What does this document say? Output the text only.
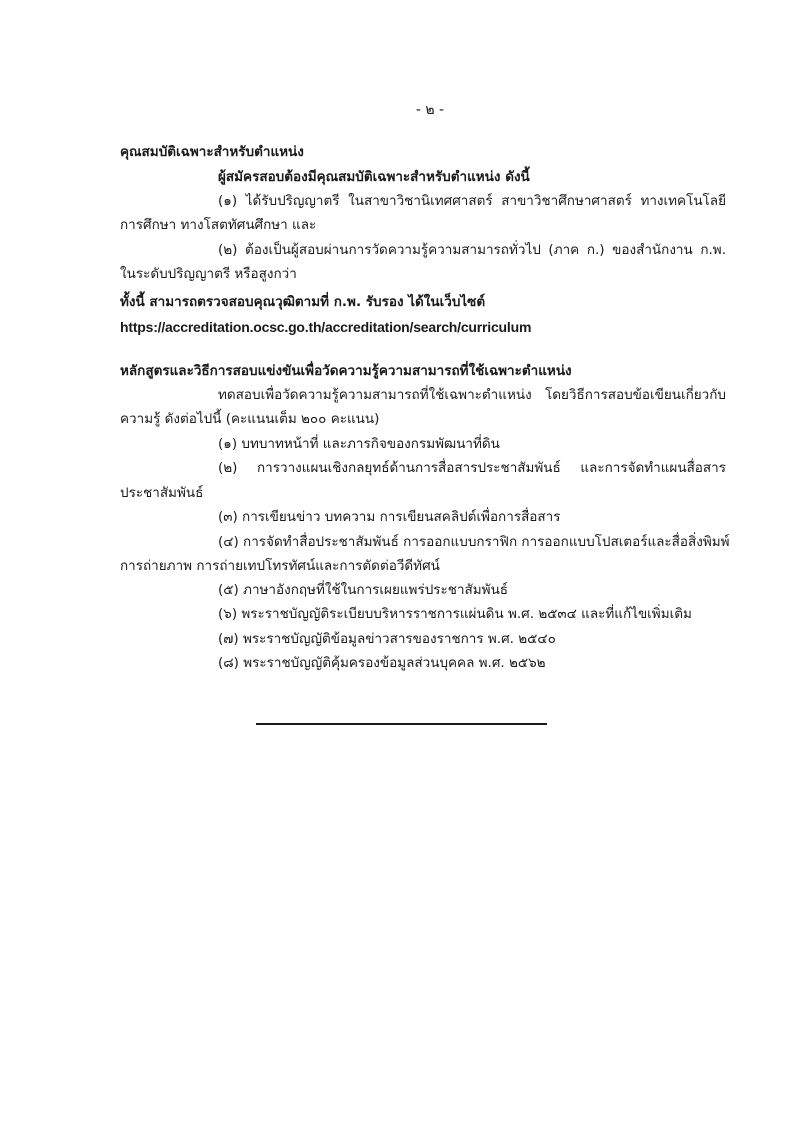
- ๒ -
คุณสมบัติเฉพาะสำหรับตำแหน่ง
ผู้สมัครสอบต้องมีคุณสมบัติเฉพาะสำหรับตำแหน่ง ดังนี้
(๑) ได้รับปริญญาตรี ในสาขาวิชานิเทศศาสตร์ สาขาวิชาศึกษาศาสตร์ ทางเทคโนโลยี
การศึกษา ทางโสตทัศนศึกษา และ
(๒) ต้องเป็นผู้สอบผ่านการวัดความรู้ความสามารถทั่วไป (ภาค ก.) ของสำนักงาน ก.พ.
ในระดับปริญญาตรี หรือสูงกว่า
ทั้งนี้ สามารถตรวจสอบคุณวุฒิตามที่ ก.พ. รับรอง ได้ในเว็บไซต์
https://accreditation.ocsc.go.th/accreditation/search/curriculum
หลักสูตรและวิธีการสอบแข่งขันเพื่อวัดความรู้ความสามารถที่ใช้เฉพาะตำแหน่ง
ทดสอบเพื่อวัดความรู้ความสามารถที่ใช้เฉพาะตำแหน่ง โดยวิธีการสอบข้อเขียนเกี่ยวกับ
ความรู้ ดังต่อไปนี้ (คะแนนเต็ม ๒๐๐ คะแนน)
(๑) บทบาทหน้าที่ และภารกิจของกรมพัฒนาที่ดิน
(๒) การวางแผนเชิงกลยุทธ์ด้านการสื่อสารประชาสัมพันธ์ และการจัดทำแผนสื่อสาร
ประชาสัมพันธ์
(๓) การเขียนข่าว บทความ การเขียนสคลิปต์เพื่อการสื่อสาร
(๔) การจัดทำสื่อประชาสัมพันธ์ การออกแบบกราฟิก การออกแบบโปสเตอร์และสื่อสิ่งพิมพ์
การถ่ายภาพ การถ่ายเทปโทรทัศน์และการตัดต่อวีดีทัศน์
(๕) ภาษาอังกฤษที่ใช้ในการเผยแพร่ประชาสัมพันธ์
(๖) พระราชบัญญัติระเบียบบริหารราชการแผ่นดิน พ.ศ. ๒๕๓๔ และที่แก้ไขเพิ่มเติม
(๗) พระราชบัญญัติข้อมูลข่าวสารของราชการ พ.ศ. ๒๕๔๐
(๘) พระราชบัญญัติคุ้มครองข้อมูลส่วนบุคคล พ.ศ. ๒๕๖๒
